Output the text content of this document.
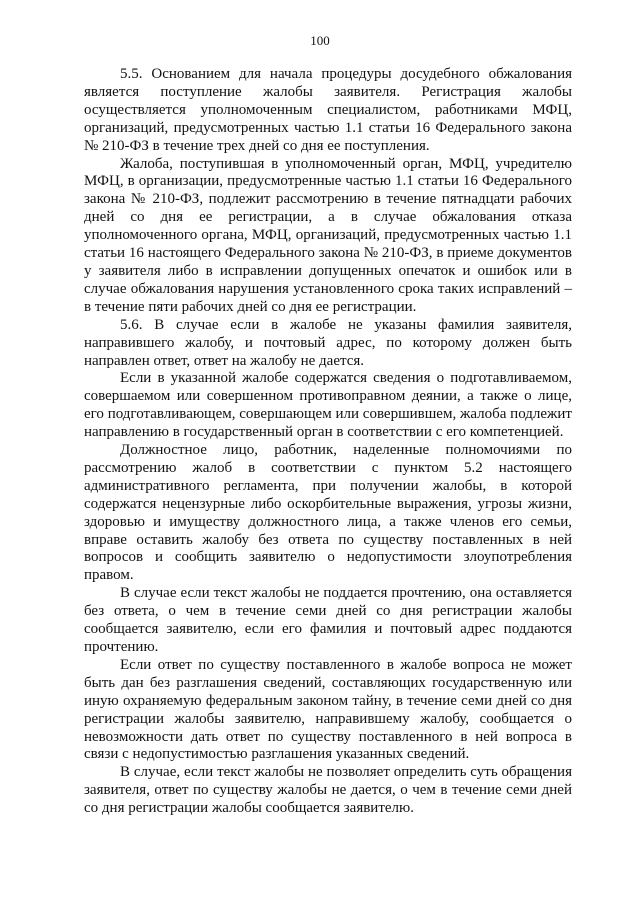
100

5.5. Основанием для начала процедуры досудебного обжалования является поступление жалобы заявителя. Регистрация жалобы осуществляется уполномоченным специалистом, работниками МФЦ, организаций, предусмотренных частью 1.1 статьи 16 Федерального закона № 210-ФЗ в течение трех дней со дня ее поступления.

Жалоба, поступившая в уполномоченный орган, МФЦ, учредителю МФЦ, в организации, предусмотренные частью 1.1 статьи 16 Федерального закона № 210-ФЗ, подлежит рассмотрению в течение пятнадцати рабочих дней со дня ее регистрации, а в случае обжалования отказа уполномоченного органа, МФЦ, организаций, предусмотренных частью 1.1 статьи 16 настоящего Федерального закона № 210-ФЗ, в приеме документов у заявителя либо в исправлении допущенных опечаток и ошибок или в случае обжалования нарушения установленного срока таких исправлений – в течение пяти рабочих дней со дня ее регистрации.

5.6. В случае если в жалобе не указаны фамилия заявителя, направившего жалобу, и почтовый адрес, по которому должен быть направлен ответ, ответ на жалобу не дается.

Если в указанной жалобе содержатся сведения о подготавливаемом, совершаемом или совершенном противоправном деянии, а также о лице, его подготавливающем, совершающем или совершившем, жалоба подлежит направлению в государственный орган в соответствии с его компетенцией.

Должностное лицо, работник, наделенные полномочиями по рассмотрению жалоб в соответствии с пунктом 5.2 настоящего административного регламента, при получении жалобы, в которой содержатся нецензурные либо оскорбительные выражения, угрозы жизни, здоровью и имуществу должностного лица, а также членов его семьи, вправе оставить жалобу без ответа по существу поставленных в ней вопросов и сообщить заявителю о недопустимости злоупотребления правом.

В случае если текст жалобы не поддается прочтению, она оставляется без ответа, о чем в течение семи дней со дня регистрации жалобы сообщается заявителю, если его фамилия и почтовый адрес поддаются прочтению.

Если ответ по существу поставленного в жалобе вопроса не может быть дан без разглашения сведений, составляющих государственную или иную охраняемую федеральным законом тайну, в течение семи дней со дня регистрации жалобы заявителю, направившему жалобу, сообщается о невозможности дать ответ по существу поставленного в ней вопроса в связи с недопустимостью разглашения указанных сведений.

В случае, если текст жалобы не позволяет определить суть обращения заявителя, ответ по существу жалобы не дается, о чем в течение семи дней со дня регистрации жалобы сообщается заявителю.
